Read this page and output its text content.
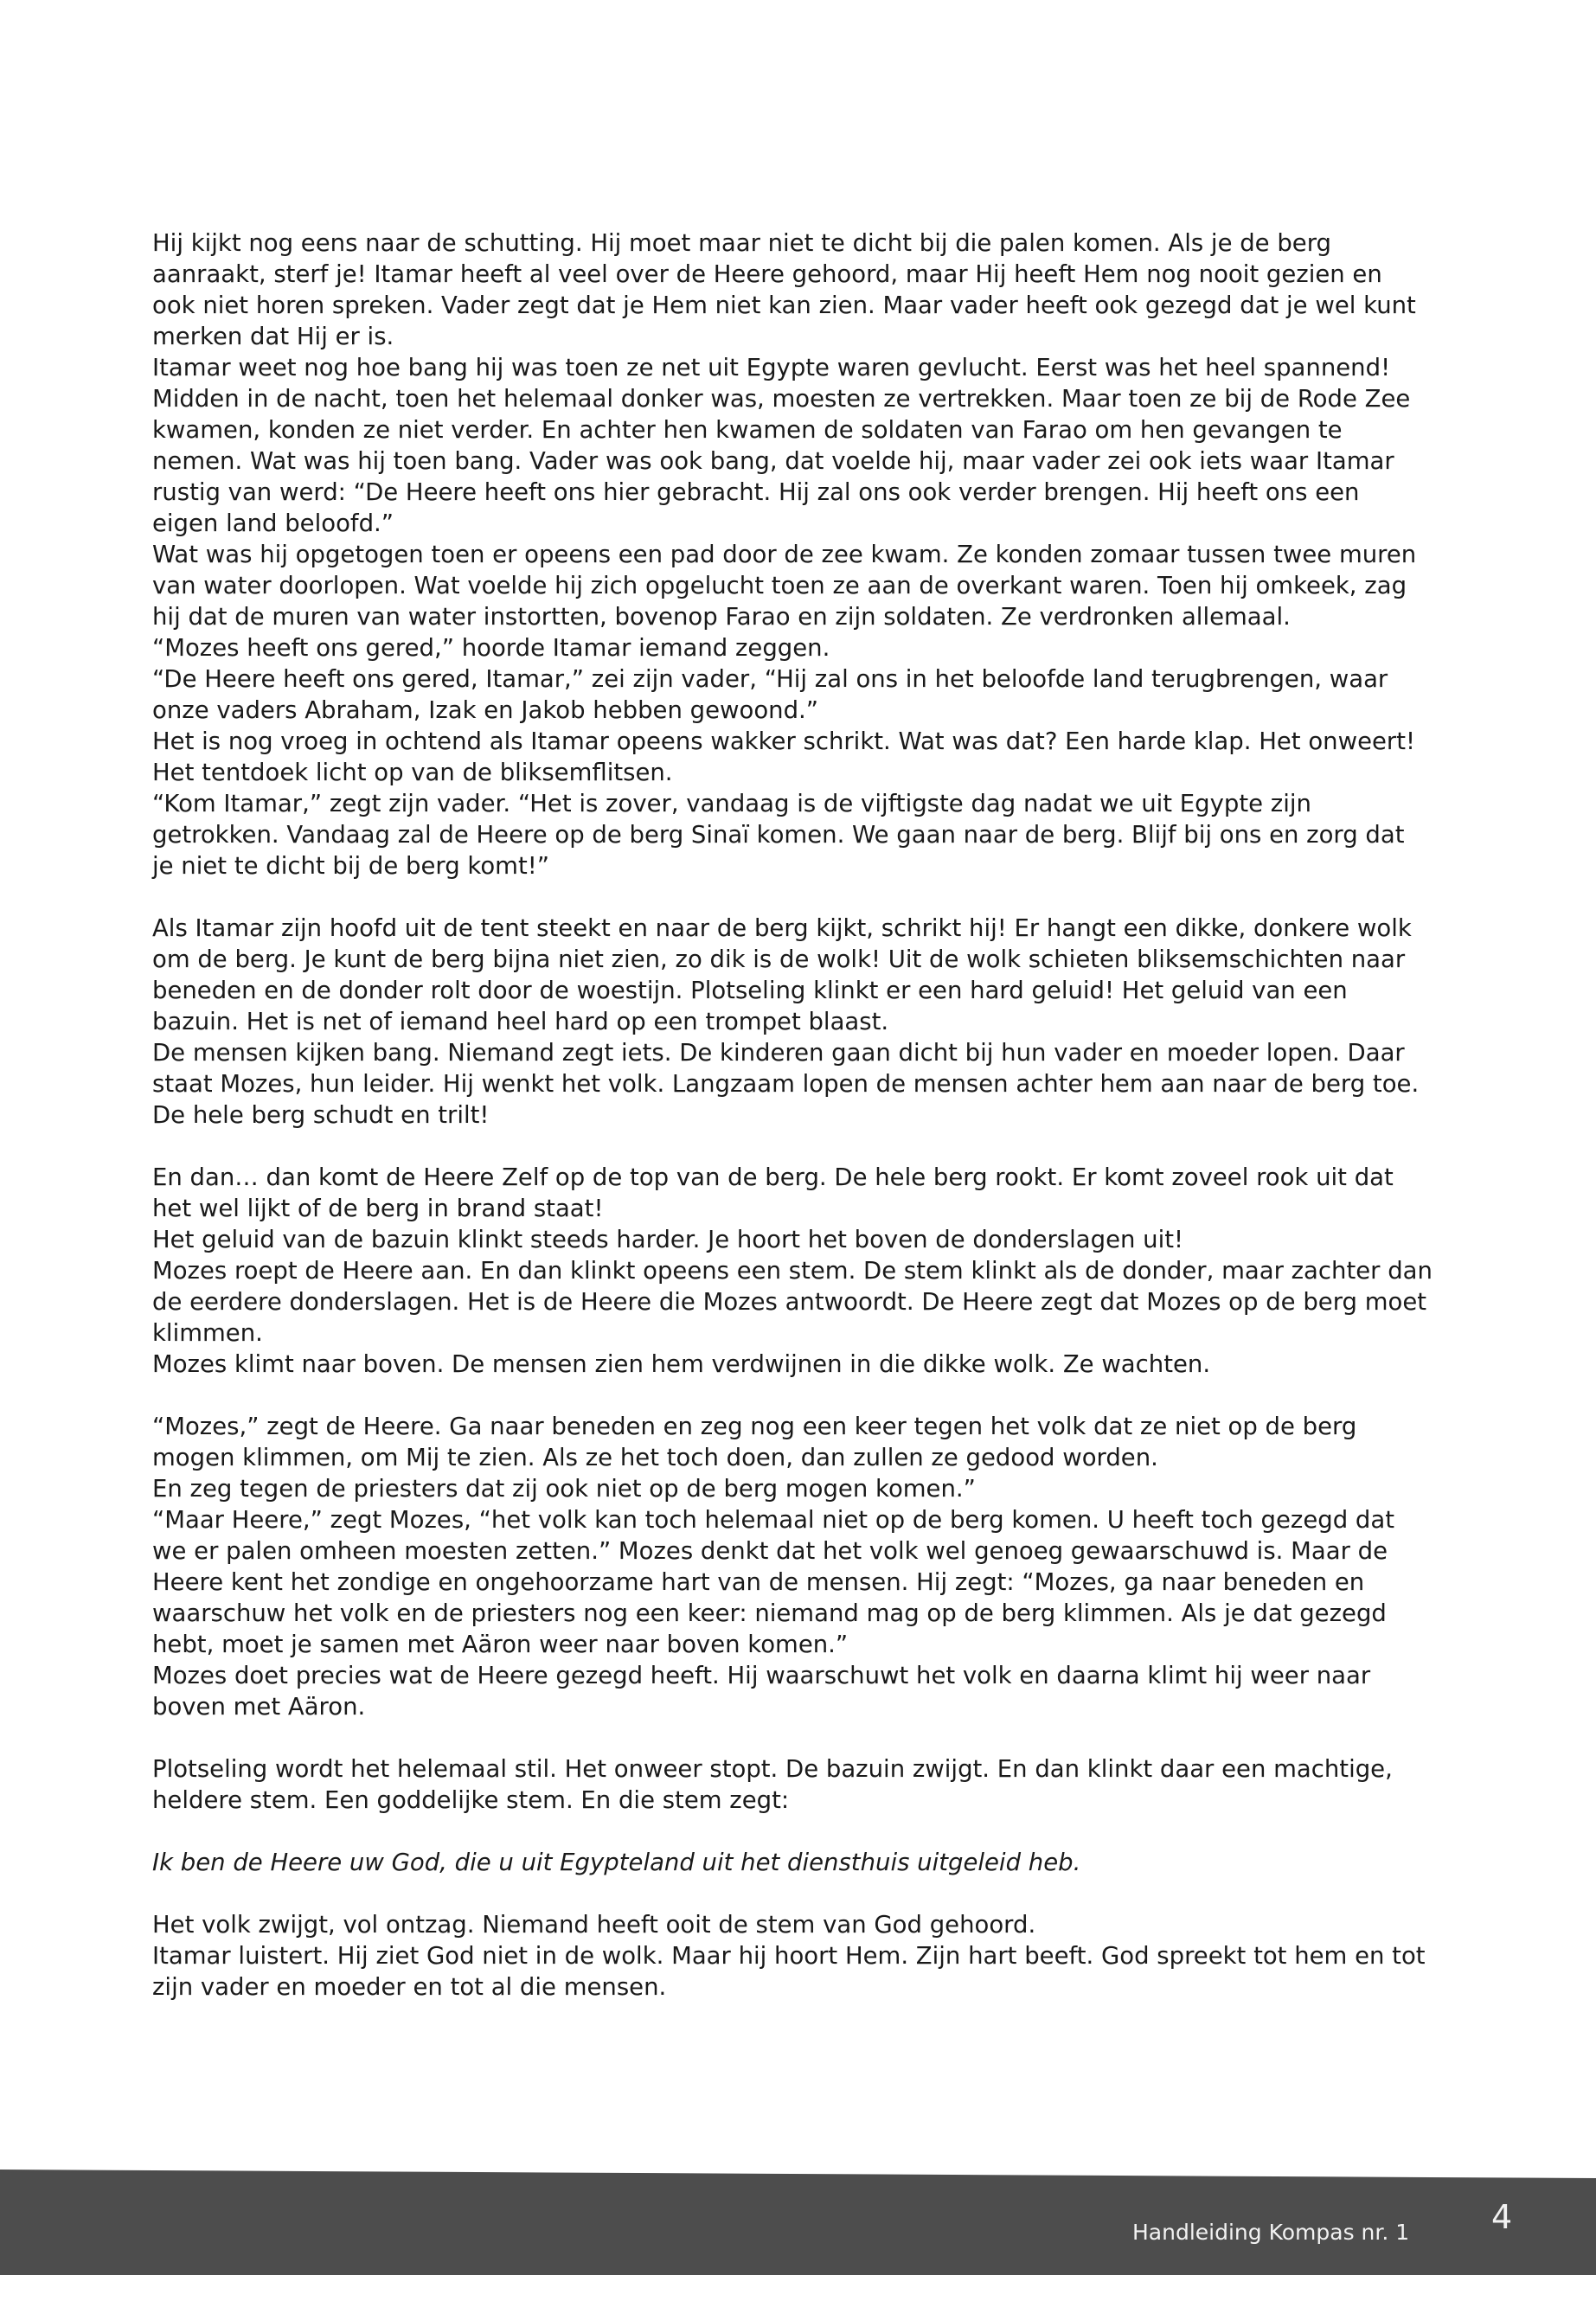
Hij kijkt nog eens naar de schutting. Hij moet maar niet te dicht bij die palen komen. Als je de berg aanraakt, sterf je! Itamar heeft al veel over de Heere gehoord, maar Hij heeft Hem nog nooit gezien en ook niet horen spreken. Vader zegt dat je Hem niet kan zien. Maar vader heeft ook gezegd dat je wel kunt merken dat Hij er is.

Itamar weet nog hoe bang hij was toen ze net uit Egypte waren gevlucht. Eerst was het heel spannend! Midden in de nacht, toen het helemaal donker was, moesten ze vertrekken. Maar toen ze bij de Rode Zee kwamen, konden ze niet verder. En achter hen kwamen de soldaten van Farao om hen gevangen te nemen. Wat was hij toen bang. Vader was ook bang, dat voelde hij, maar vader zei ook iets waar Itamar rustig van werd: “De Heere heeft ons hier gebracht. Hij zal ons ook verder brengen. Hij heeft ons een eigen land beloofd.”

Wat was hij opgetogen toen er opeens een pad door de zee kwam. Ze konden zomaar tussen twee muren van water doorlopen. Wat voelde hij zich opgelucht toen ze aan de overkant waren. Toen hij omkeek, zag hij dat de muren van water instortten, bovenop Farao en zijn soldaten. Ze verdronken allemaal.

“Mozes heeft ons gered,” hoorde Itamar iemand zeggen.

“De Heere heeft ons gered, Itamar,” zei zijn vader, “Hij zal ons in het beloofde land terugbrengen, waar onze vaders Abraham, Izak en Jakob hebben gewoond.”

Het is nog vroeg in ochtend als Itamar opeens wakker schrikt. Wat was dat? Een harde klap. Het onweert! Het tentdoek licht op van de bliksemflitsen.

“Kom Itamar,” zegt zijn vader. “Het is zover, vandaag is de vijftigste dag nadat we uit Egypte zijn getrokken. Vandaag zal de Heere op de berg Sinaï komen. We gaan naar de berg. Blijf bij ons en zorg dat je niet te dicht bij de berg komt!”

Als Itamar zijn hoofd uit de tent steekt en naar de berg kijkt, schrikt hij! Er hangt een dikke, donkere wolk om de berg. Je kunt de berg bijna niet zien, zo dik is de wolk! Uit de wolk schieten bliksemschichten naar beneden en de donder rolt door de woestijn. Plotseling klinkt er een hard geluid! Het geluid van een bazuin. Het is net of iemand heel hard op een trompet blaast.

De mensen kijken bang. Niemand zegt iets. De kinderen gaan dicht bij hun vader en moeder lopen. Daar staat Mozes, hun leider. Hij wenkt het volk. Langzaam lopen de mensen achter hem aan naar de berg toe. De hele berg schudt en trilt!

En dan… dan komt de Heere Zelf op de top van de berg. De hele berg rookt. Er komt zoveel rook uit dat het wel lijkt of de berg in brand staat!

Het geluid van de bazuin klinkt steeds harder. Je hoort het boven de donderslagen uit!

Mozes roept de Heere aan. En dan klinkt opeens een stem. De stem klinkt als de donder, maar zachter dan de eerdere donderslagen. Het is de Heere die Mozes antwoordt. De Heere zegt dat Mozes op de berg moet klimmen.

Mozes klimt naar boven. De mensen zien hem verdwijnen in die dikke wolk. Ze wachten.

“Mozes,” zegt de Heere. Ga naar beneden en zeg nog een keer tegen het volk dat ze niet op de berg mogen klimmen, om Mij te zien. Als ze het toch doen, dan zullen ze gedood worden.

En zeg tegen de priesters dat zij ook niet op de berg mogen komen.”

“Maar Heere,” zegt Mozes, “het volk kan toch helemaal niet op de berg komen. U heeft toch gezegd dat we er palen omheen moesten zetten.” Mozes denkt dat het volk wel genoeg gewaarschuwd is. Maar de Heere kent het zondige en ongehoorzame hart van de mensen. Hij zegt: “Mozes, ga naar beneden en waarschuw het volk en de priesters nog een keer: niemand mag op de berg klimmen. Als je dat gezegd hebt, moet je samen met Aäron weer naar boven komen.”

Mozes doet precies wat de Heere gezegd heeft. Hij waarschuwt het volk en daarna klimt hij weer naar boven met Aäron.

Plotseling wordt het helemaal stil. Het onweer stopt. De bazuin zwijgt. En dan klinkt daar een machtige, heldere stem. Een goddelijke stem. En die stem zegt:

Ik ben de Heere uw God, die u uit Egypteland uit het diensthuis uitgeleid heb.

Het volk zwijgt, vol ontzag. Niemand heeft ooit de stem van God gehoord.

Itamar luistert. Hij ziet God niet in de wolk. Maar hij hoort Hem. Zijn hart beeft. God spreekt tot hem en tot zijn vader en moeder en tot al die mensen.

Handleiding Kompas nr. 1 4
